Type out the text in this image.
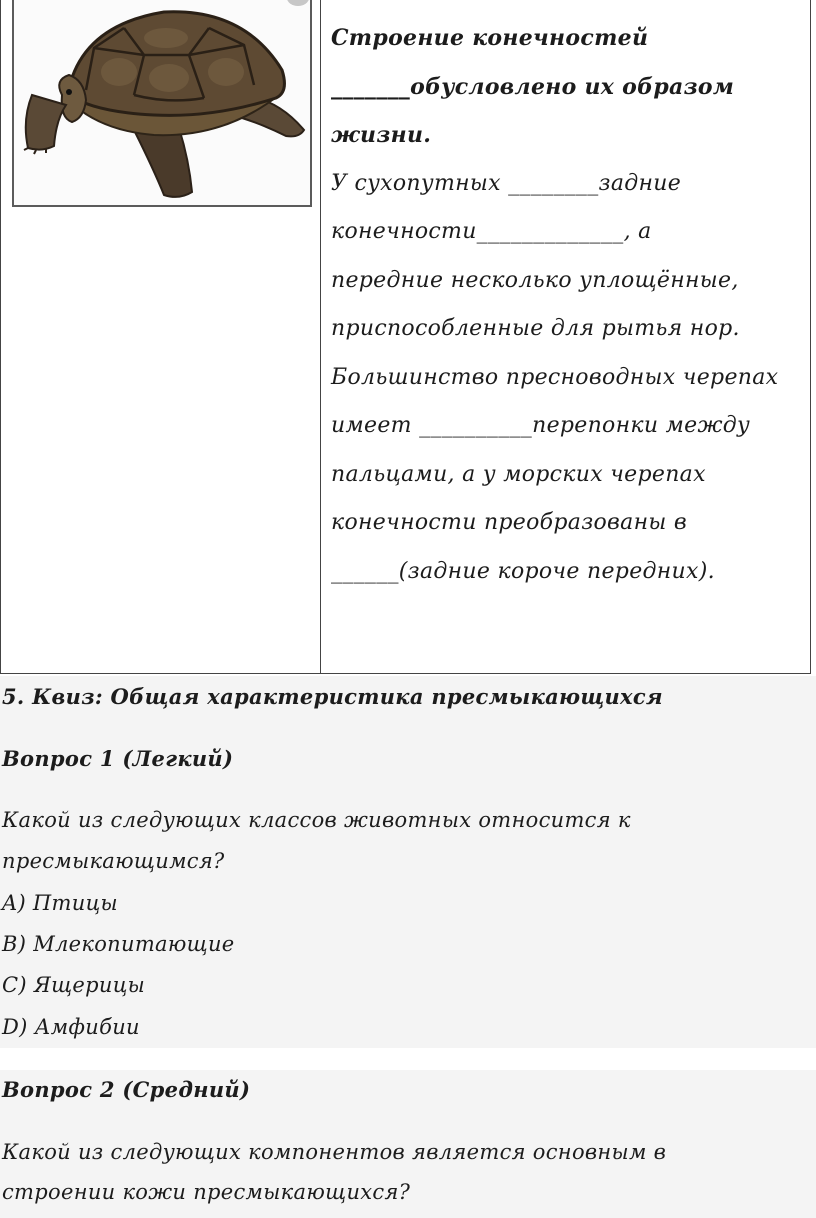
Строение конечностей
_______обусловлено их образом
жизни.
У сухопутных ________задние
конечности_____________, а
передние несколько уплощённые,
приспособленные для рытья нор.
Большинство пресноводных черепах
имеет __________перепонки между
пальцами, а у морских черепах
конечности преобразованы в
______(задние короче передних).
5. Квиз: Общая характеристика пресмыкающихся
Вопрос 1 (Легкий)
Какой из следующих классов животных относится к
пресмыкающимся?
A) Птицы
B) Млекопитающие
C) Ящерицы
D) Амфибии
Вопрос 2 (Средний)
Какой из следующих компонентов является основным в
строении кожи пресмыкающихся?
